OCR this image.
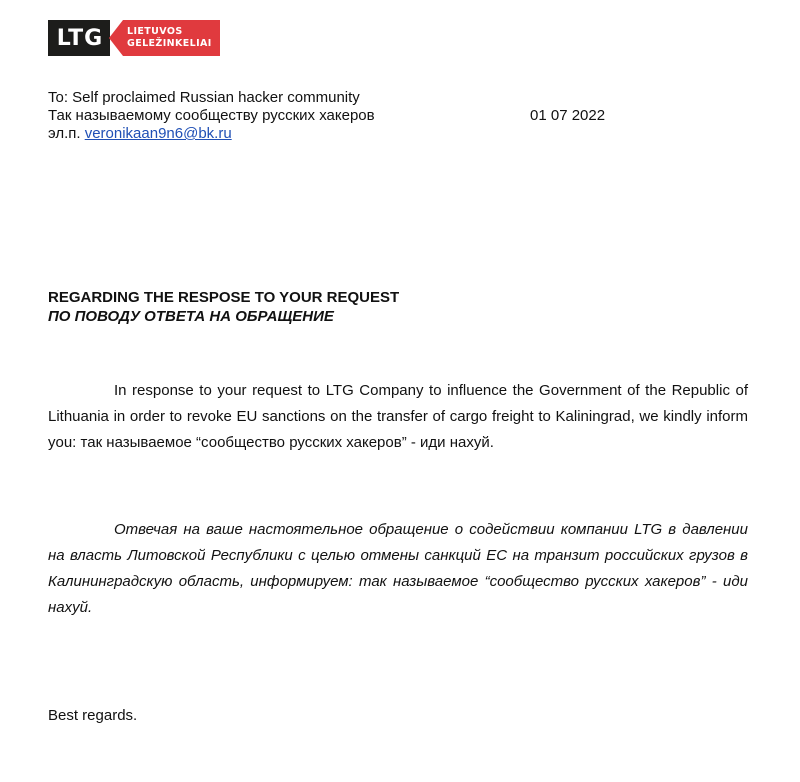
LTG	LIETUVOS
GELEŽINKELIAI
To: Self proclaimed Russian hacker community
Так называемому сообществу русских хакеров
эл.п. veronikaan9n6@bk.ru
01 07 2022
REGARDING THE RESPOSE TO YOUR REQUEST
ПО ПОВОДУ ОТВЕТА НА ОБРАЩЕНИЕ
In response to your request to LTG Company to influence the Government of the Republic of Lithuania in order to revoke EU sanctions on the transfer of cargo freight to Kaliningrad, we kindly inform you: так называемое “сообщество русских хакеров” - иди нахуй.
Отвечая на ваше настоятельное обращение о содействии компании LTG в давлении на власть Литовской Республики с целью отмены санкций ЕС на транзит российских грузов в Калининградскую область, информируем: так называемое “сообщество русских хакеров” - иди нахуй.
Best regards.
